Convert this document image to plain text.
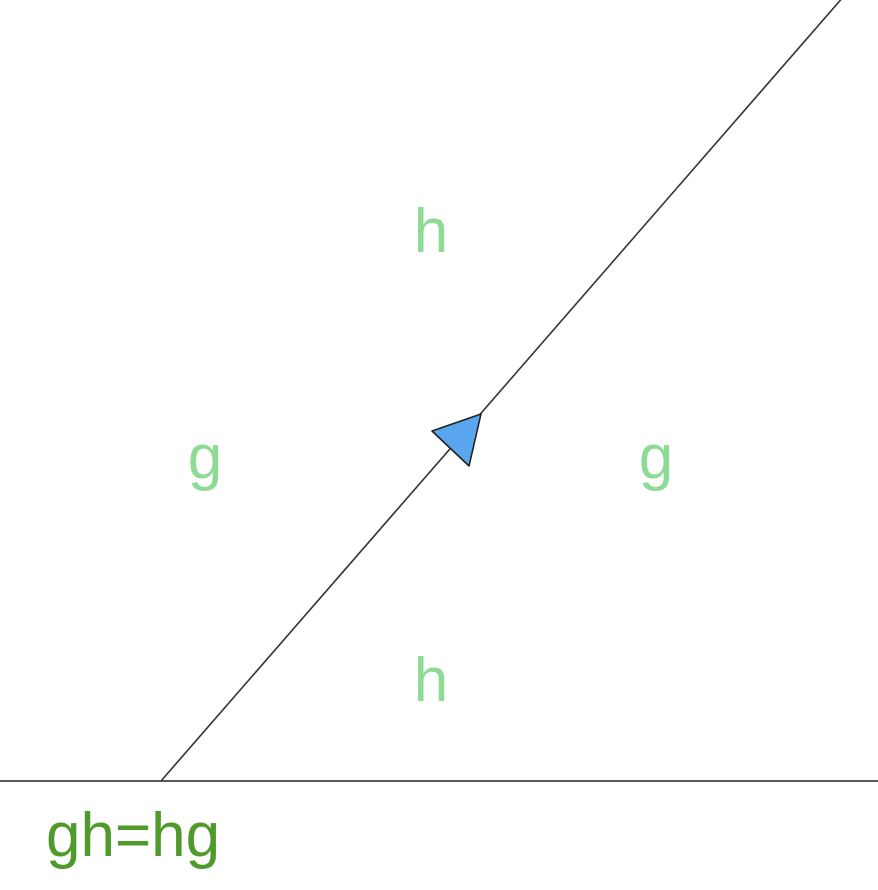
h
g	g
h
gh=hg
